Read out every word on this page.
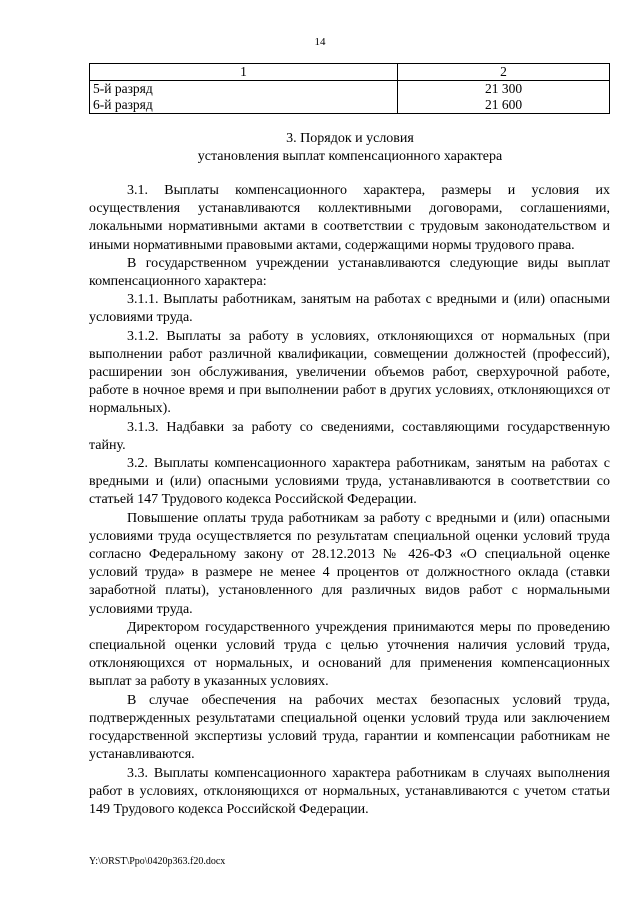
14
1	2
5-й разряд	21 300
6-й разряд	21 600
3. Порядок и условия
установления выплат компенсационного характера

3.1. Выплаты компенсационного характера, размеры и условия их осуществления устанавливаются коллективными договорами, соглашениями, локальными нормативными актами в соответствии с трудовым законодательством и иными нормативными правовыми актами, содержащими нормы трудового права.

В государственном учреждении устанавливаются следующие виды выплат компенсационного характера:

3.1.1. Выплаты работникам, занятым на работах с вредными и (или) опасными условиями труда.

3.1.2. Выплаты за работу в условиях, отклоняющихся от нормальных (при выполнении работ различной квалификации, совмещении должностей (профессий), расширении зон обслуживания, увеличении объемов работ, сверхурочной работе, работе в ночное время и при выполнении работ в других условиях, отклоняющихся от нормальных).

3.1.3. Надбавки за работу со сведениями, составляющими государственную тайну.

3.2. Выплаты компенсационного характера работникам, занятым на работах с вредными и (или) опасными условиями труда, устанавливаются в соответствии со статьей 147 Трудового кодекса Российской Федерации.

Повышение оплаты труда работникам за работу с вредными и (или) опасными условиями труда осуществляется по результатам специальной оценки условий труда согласно Федеральному закону от 28.12.2013 № 426-ФЗ «О специальной оценке условий труда» в размере не менее 4 процентов от должностного оклада (ставки заработной платы), установленного для различных видов работ с нормальными условиями труда.

Директором государственного учреждения принимаются меры по проведению специальной оценки условий труда с целью уточнения наличия условий труда, отклоняющихся от нормальных, и оснований для применения компенсационных выплат за работу в указанных условиях.

В случае обеспечения на рабочих местах безопасных условий труда, подтвержденных результатами специальной оценки условий труда или заключением государственной экспертизы условий труда, гарантии и компенсации работникам не устанавливаются.

3.3. Выплаты компенсационного характера работникам в случаях выполнения работ в условиях, отклоняющихся от нормальных, устанавливаются с учетом статьи 149 Трудового кодекса Российской Федерации.

Y:\ORST\Ppo\0420p363.f20.docx
